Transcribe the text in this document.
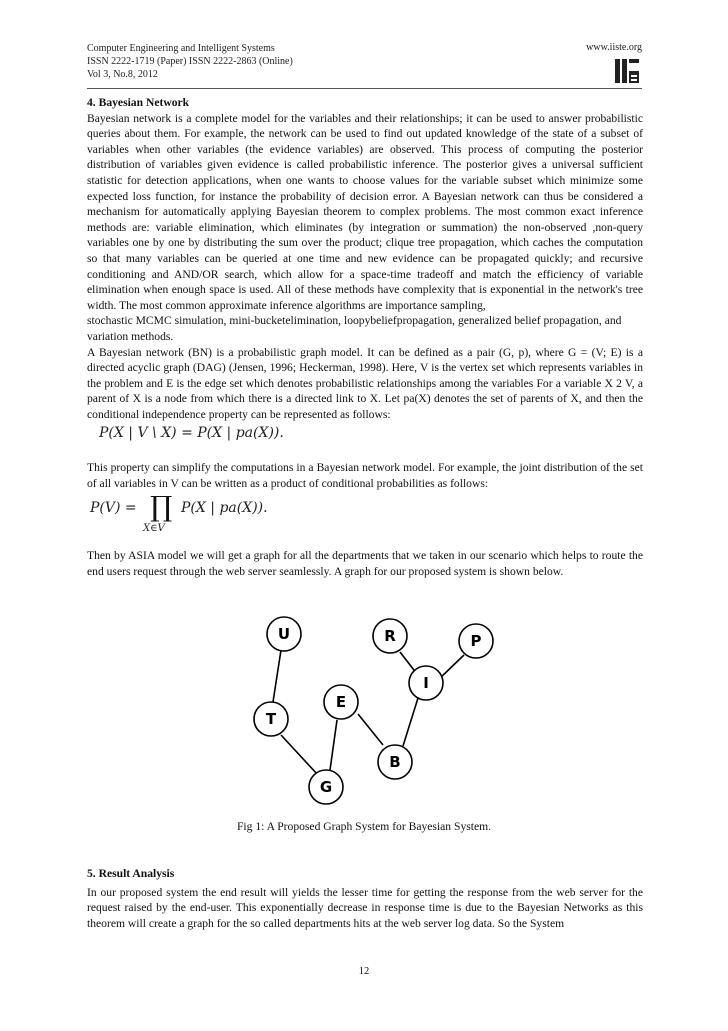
Computer Engineering and Intelligent Systems
ISSN 2222-1719 (Paper) ISSN 2222-2863 (Online)
Vol 3, No.8, 2012
www.iiste.org

4. Bayesian Network

Bayesian network is a complete model for the variables and their relationships; it can be used to answer probabilistic queries about them. For example, the network can be used to find out updated knowledge of the state of a subset of variables when other variables (the evidence variables) are observed. This process of computing the posterior distribution of variables given evidence is called probabilistic inference. The posterior gives a universal sufficient statistic for detection applications, when one wants to choose values for the variable subset which minimize some expected loss function, for instance the probability of decision error. A Bayesian network can thus be considered a mechanism for automatically applying Bayesian theorem to complex problems. The most common exact inference methods are: variable elimination, which eliminates (by integration or summation) the non-observed ,non-query variables one by one by distributing the sum over the product; clique tree propagation, which caches the computation so that many variables can be queried at one time and new evidence can be propagated quickly; and recursive conditioning and AND/OR search, which allow for a space-time tradeoff and match the efficiency of variable elimination when enough space is used. All of these methods have complexity that is exponential in the network's tree width. The most common approximate inference algorithms are importance sampling,

stochastic MCMC simulation, mini-bucketelimination, loopybeliefpropagation, generalized belief propagation, and variation methods.

A Bayesian network (BN) is a probabilistic graph model. It can be defined as a pair (G, p), where G = (V; E) is a directed acyclic graph (DAG) (Jensen, 1996; Heckerman, 1998). Here, V is the vertex set which represents variables in the problem and E is the edge set which denotes probabilistic relationships among the variables For a variable X 2 V, a parent of X is a node from which there is a directed link to X. Let pa(X) denotes the set of parents of X, and then the conditional independence property can be represented as follows:

P(X | V \ X) = P(X | pa(X)).
This property can simplify the computations in a Bayesian network model. For example, the joint distribution of the set of all variables in V can be written as a product of conditional probabilities as follows:
P(V) = ∏
X∈V
P(X | pa(X)).
Then by ASIA model we will get a graph for all the departments that we taken in our scenario which helps to route the end users request through the web server seamlessly. A graph for our proposed system is shown below.
U	R	P
E
I
T
B
G
Fig 1: A Proposed Graph System for Bayesian System.

5. Result Analysis

In our proposed system the end result will yields the lesser time for getting the response from the web server for the request raised by the end-user. This exponentially decrease in response time is due to the Bayesian Networks as this theorem will create a graph for the so called departments hits at the web server log data. So the System

12
